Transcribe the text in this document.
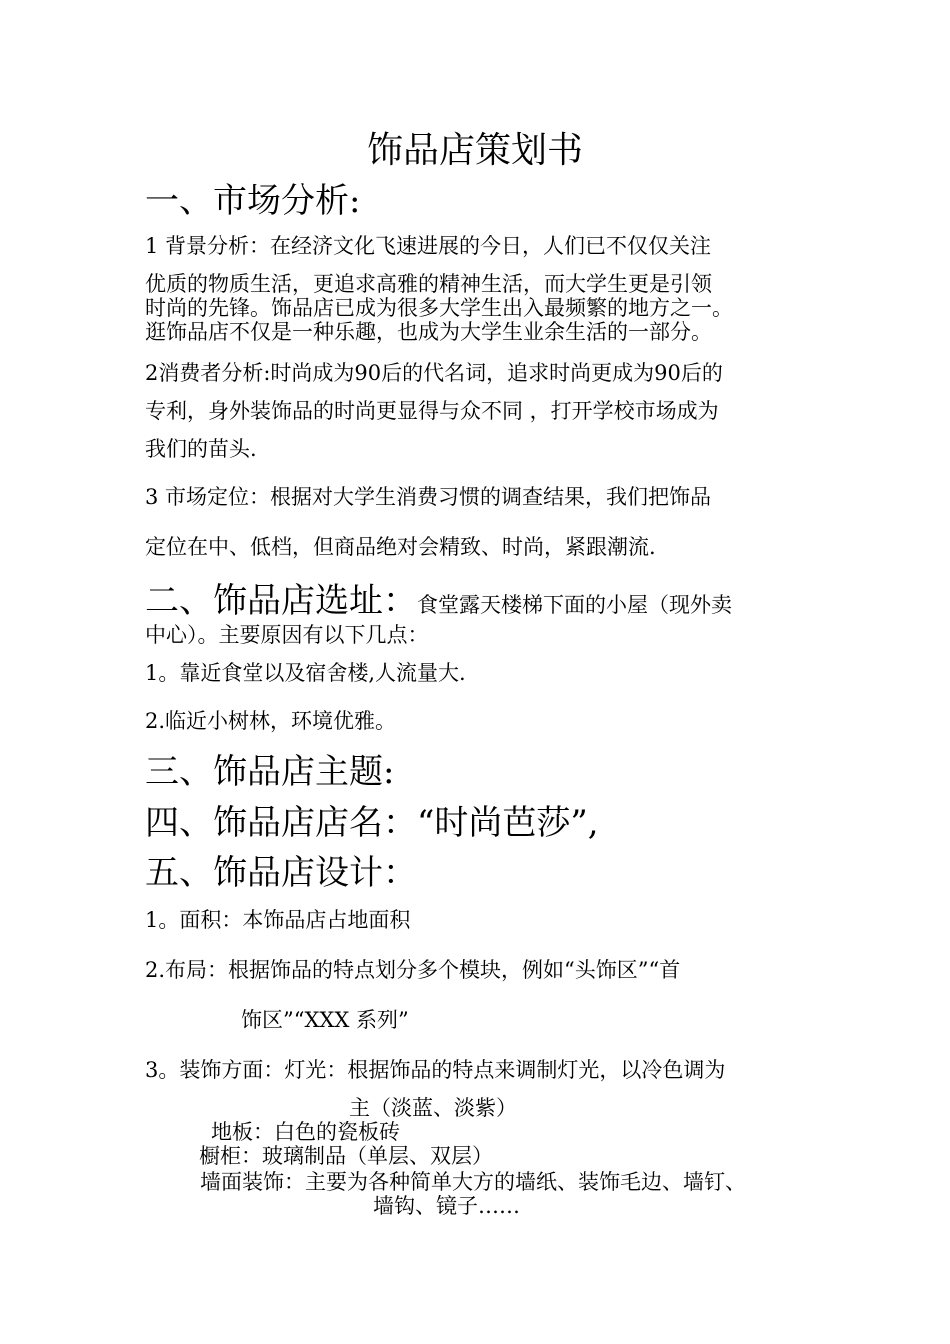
饰品店策划书
一、市场分析:
1 背景分析：在经济文化飞速进展的今日，人们已不仅仅关注
优质的物质生活，更追求高雅的精神生活，而大学生更是引领
时尚的先锋。饰品店已成为很多大学生出入最频繁的地方之一。
逛饰品店不仅是一种乐趣，也成为大学生业余生活的一部分。
2消费者分析:时尚成为90后的代名词，追求时尚更成为90后的
专利，身外装饰品的时尚更显得与众不同 ，打开学校市场成为
我们的苗头.
3 市场定位：根据对大学生消费习惯的调查结果，我们把饰品
定位在中、低档，但商品绝对会精致、时尚，紧跟潮流.
二、饰品店选址：食堂露天楼梯下面的小屋（现外卖
中心）。主要原因有以下几点：
1。靠近食堂以及宿舍楼,人流量大.
2.临近小树林，环境优雅。
三、饰品店主题:
四、饰品店店名：“时尚芭莎”,
五、饰品店设计：
1。面积：本饰品店占地面积
2.布局：根据饰品的特点划分多个模块，例如“头饰区”“首
饰区”“XXX 系列”
3。装饰方面：灯光：根据饰品的特点来调制灯光，以冷色调为
主（淡蓝、淡紫）
地板：白色的瓷板砖
橱柜：玻璃制品（单层、双层）
墙面装饰：主要为各种简单大方的墙纸、装饰毛边、墙钉、
墙钩、镜子……
